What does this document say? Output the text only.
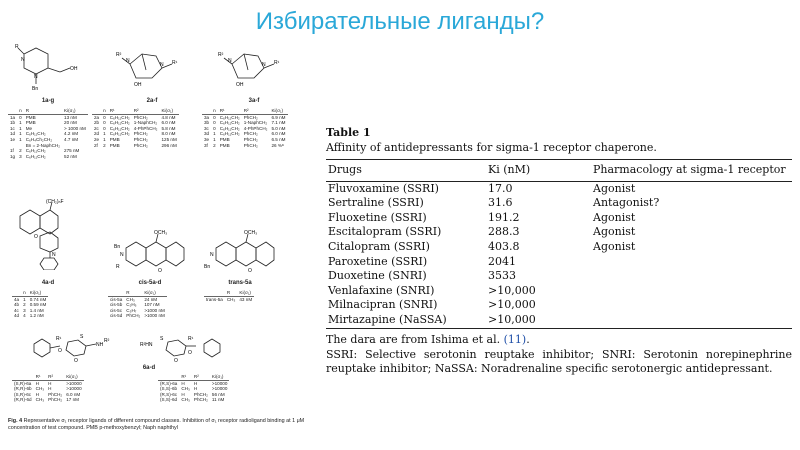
Избирательные лиганды?
R
N
N
Bn
OH
1a-g
R²
N
N R¹
OH
2a-f
R²
N
N R¹
OH
3a-f
	n	R	Ki(σ₁)
1a	0	PMB	13 nM
1b	1	PMB	20 nM
1c	1	Me	> 1000 nM
1d	1	C₆H₁₁CH₂	4.2 nM
1e	1	C₆H₄Ch₂CH₂	4.7 nM
		Bn = 2-NaphCH₂	
1f	2	C₆H₁₁CH₂	275 nM
1g	3	C₆H₁₁CH₂	52 nM
	n	R¹	R²	Ki(σ₁)
2a	0	C₆H₁₁CH₂	PhCH₂	4.8 nM
2b	0	C₆H₁₁CH₂	1-NaphCH₂	6.0 nM
2c	0	C₆H₁₁CH₂	4-PhPhCH₂	5.8 nM
2d	1	C₆H₁₁CH₂	PhCH₂	8.0 nM
2e	1	PMB	PhCH₂	125 nM
2f	2	PMB	PhCH₂	296 nM
	n	R¹	R²	Ki(σ₁)
3a	0	C₆H₁₁CH₂	PhCH₂	6.9 nM
3b	0	C₆H₁₁CH₂	1-NaphCH₂	7.1 nM
3c	0	C₆H₁₁CH₂	4-PhPhCH₂	5.0 nM
3d	1	C₆H₁₁CH₂	PhCH₂	6.0 nM
3e	1	PMB	PhCH₂	6.5 nM
3f	2	PMB	PhCH₂	26 %ᵃ
(CH₂)ₙF
O
N
4a-d
OCH₃
O
N
Bn
R
cis-5a-d
OCH₃
O
N
Bn
trans-5a
	n	Ki(σ₁)
4a	1	0.74 nM
4b	2	0.59 nM
4c	3	1.4 nM
4d	4	1.2 nM
	R	Ki(σ₁)
cis-5a	CH₃	24 nM
cis-5b	C₂H₅	107 nM
cis-5c	C₃H₇	>1000 nM
cis-5d	PhCH₂	>1000 nM
	R	Ki(σ₁)
trans-5a	CH₃	43 nM
R¹
O
S
O
R²
NH
R¹
O
S
O
R²HN
6a-d
	R¹	R²	Ki(σ₁)
(S,R)-6a	H	H	>10000
(R,R)-6b	CH₃	H	>10000
(S,R)-6c	H	PhCH₂	6.0 nM
(R,R)-6d	CH₃	PhCH₂	17 nM
	R¹	R²	Ki(σ₁)
(R,S)-6a	H	H	>10000
(S,S)-6b	CH₃	H	>10000
(R,S)-6c	H	PhCH₂	56 nM
(S,S)-6d	CH₃	PhCH₂	11 nM
Fig. 4 Representative σ₁ receptor ligands of different compound classes. Inhibition of σ₁ receptor radioligand binding at 1 μM concentration of test compound. PMB p-methoxybenzyl; Naph naphthyl
Table 1
Affinity of antidepressants for sigma-1 receptor chaperone.
Drugs	Ki (nM)	Pharmacology at sigma-1 receptor
Fluvoxamine (SSRI)	17.0	Agonist
Sertraline (SSRI)	31.6	Antagonist?
Fluoxetine (SSRI)	191.2	Agonist
Escitalopram (SSRI)	288.3	Agonist
Citalopram (SSRI)	403.8	Agonist
Paroxetine (SSRI)	2041	
Duoxetine (SNRI)	3533	
Venlafaxine (SNRI)	>10,000	
Milnacipran (SNRI)	>10,000	
Mirtazapine (NaSSA)	>10,000	
The dara are from Ishima et al. (11).
SSRI: Selective serotonin reuptake inhibitor; SNRI: Serotonin norepinephrine reuptake inhibitor; NaSSA: Noradrenaline specific serotonergic antidepressant.
